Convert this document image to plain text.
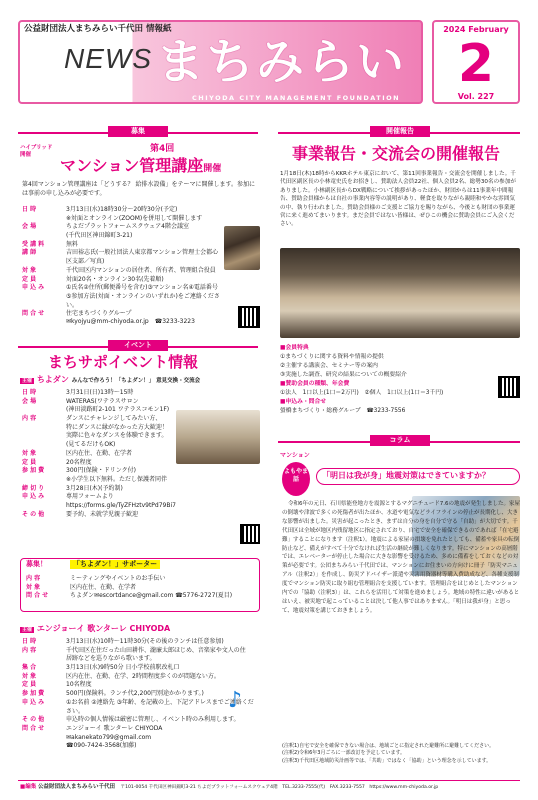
公益財団法人まちみらい千代田 情報紙
NEWS まちみらい
CHIYODA CITY MANAGEMENT FOUNDATION
2024 February
2
Vol. 227
募集
ハイブリッド開催
第4回
マンション管理講座開催
第4回マンション管理講座は「どうする？ 給排水設備」をテーマに開催します。参加には事前の申し込みが必要です。
日 時	3月13日(水)18時30分〜20時30分(予定)
※対面とオンライン(ZOOM)を併用して開催します
会 場	ちよだプラットフォームスクウェア4階会議室
(千代田区神田錦町3-21)
受 講 料	無料
講 師	吉田裕志氏(一般社団法人東京都マンション管理士会都心区支部／写真)
対 象	千代田区内マンションの居住者、所有者、管理組合役員
定 員	対面20名・オンライン30名(先着順)
申 込 み	①氏名②住所(郵便番号を含む)③マンション名④電話番号⑤参加方法(対面・オンラインのいずれか)をご連絡ください。
問 合 せ	住宅まちづくりグループ
✉kyojyu@mm-chiyoda.or.jp　 ☎3233-3223
イベント
まちサポイベント情報
主催 ちよダン みんなで作ろう！「ちよダン！」 意見交換・交流会
日 時	3月31日(日)13時〜15時
会 場	WATERAS(ワテラスサロン
(神田淡路町2-101 ワテラスコモン1F)
内 容	ダンスにチャレンジしてみたい方、
特にダンスに縁がなかった方大歓迎！
実際に色々なダンスを体験できます。
(見てるだけもOK)
対 象	区内在住、在勤、在学者
定 員	20名程度
参 加 費	300円(保険・ドリンク付)
※小学生以下無料。ただし保護者同伴
締 切 り	3月28日(木)(予約制)
申 込 み	専用フォームより
https://forms.gle/TyZFHztv9tPd79Bi7
そ の 他	要予約、未就学児親子歓迎
募集！	「ちよダン！」サポーター
内 容	ミーティングやイベントのお手伝い
対 象	区内在住、在勤、在学者
問 合 せ	ちよダン✉escortdance@gmail.com ☎5776-2727(夏目)
主催 エンジョーイ 歌ンターレ CHIYODA
日 時	3月13日(水)10時〜11時30分(その後のランチは任意参加)
内 容	千代田区在住だった山田耕作、瀧廉太郎ほじめ、音楽家や文人の住
居跡などを巡りながら歌います。
集 合	3月13日(水)9時50分 日小学校前駅改札口
対 象	区内在住、在勤、在学、2時間程度歩くのが問題ない方。
定 員	10名程度
参 加 費	500円(保険料。ランチ代2,200円別途かかります。)
申 込 み	①お名前 ②連絡先 ③年齢、を記載の上、下記アドレスまでご連絡ください。
そ の 他	申込時の個人情報は厳密に管理し、イベント時のみ利用します。
問 合 せ	エンジョーイ 歌ンターレ CHIYODA
✉akanekato799@gmail.com
☎090-7424-3568(加藤)
♪
開催報告
事業報告・交流会の開催報告
1月18日(木)18時からKKRホテル東京において、第11回事業報告・交流会を開催しました。千代田区副区長の小林竜史氏をお招きし、賛助法人会員22社、個人会員2名、総勢30名の参加がありました。小林副区長からDX戦略について挨拶があったほか、財団からは11事業年中間報告、賛助会員様からは自社の事業内容等の説明があり、軽食を取りながら親睦和やかな雰囲気の中、執り行われました。賛助会員様のご支援とご協力を賜りながら、今後とも財団の事業運営に来く進めてまいります。まだ会員ではない皆様は、ぜひこの機会に賛助会員にご入会ください。
■会員特典
①まちづくりに関する資料や情報の提供
②主催する講演会、セミナー等の案内
③実施した調査、研究の結果についての概要紹介
■賛助会員の種類、年会費
①法人　1口以上(1口＝2万円)　②個人　1口以上(1口＝3千円)
■申込み・問合せ
螢橋まちづくり・総務グループ　 ☎3233-7556
コラム
マンション
よもやま話	「明日は我が身」地震対策はできていますか？
令和6年の元日、石川県能登地方を震源とするマグニチュード7.6の地震が発生しました。家屋の倒壊や津波で多くの死傷者が出たほか、水道や電気などライフラインの停止が長期化し、大きな影響が出ました。災害が起こったとき、まずは自分の身を自分で守る「自助」が大切です。千代田区は全域が地区内残留地区に指定されており、自宅で安全を確保できるのであれば「在宅避難」することになります（注釈1）。地震による家屋の損壊を免れたとしても、備蓄や家具の転倒防止など、備えがすべて十分でなければ生活の継続が難しくなります。特にマンションの高層階では、エレベーターが停止した場合に大きな影響を受けるため、多めに備蓄をしておくなどの対策が必要です。公団まちみらい千代田では、マンションにお住まいの方向けに冊子「防災マニュアル（注釈2）」を作成し、防災アドバイザー派遣や災害用資器材等購入費助成など、各種支援制度でマンション防災に取り組む管理組合を支援しています。管理組合をはじめとしたマンション内での「協助（注釈3）」は、これらを活用して対策を進めましょう。地域の特性に違いがあるとはいえ、被災地で起こっていることは決して他人事ではありません。「明日は我が身」と思って、地震対策を講じておきましょう。
(注釈1)自宅で安全を確保できない場合は、地域ごとに指定された避難所に避難してください。
(注釈2)令和6年3月ごろに一部改訂を予定しています。
(注釈3)千代田区地域防災計画等では、「共助」ではなく「協助」という理念を示しています。
■編集 公益財団法人まちみらい千代田　 〒101-0054 千代田区神田錦町3-21 ちよだプラットフォームスクウェア4階　TEL.3233-7555(代)　FAX.3233-7557　https://www.mm-chiyoda.or.jp
